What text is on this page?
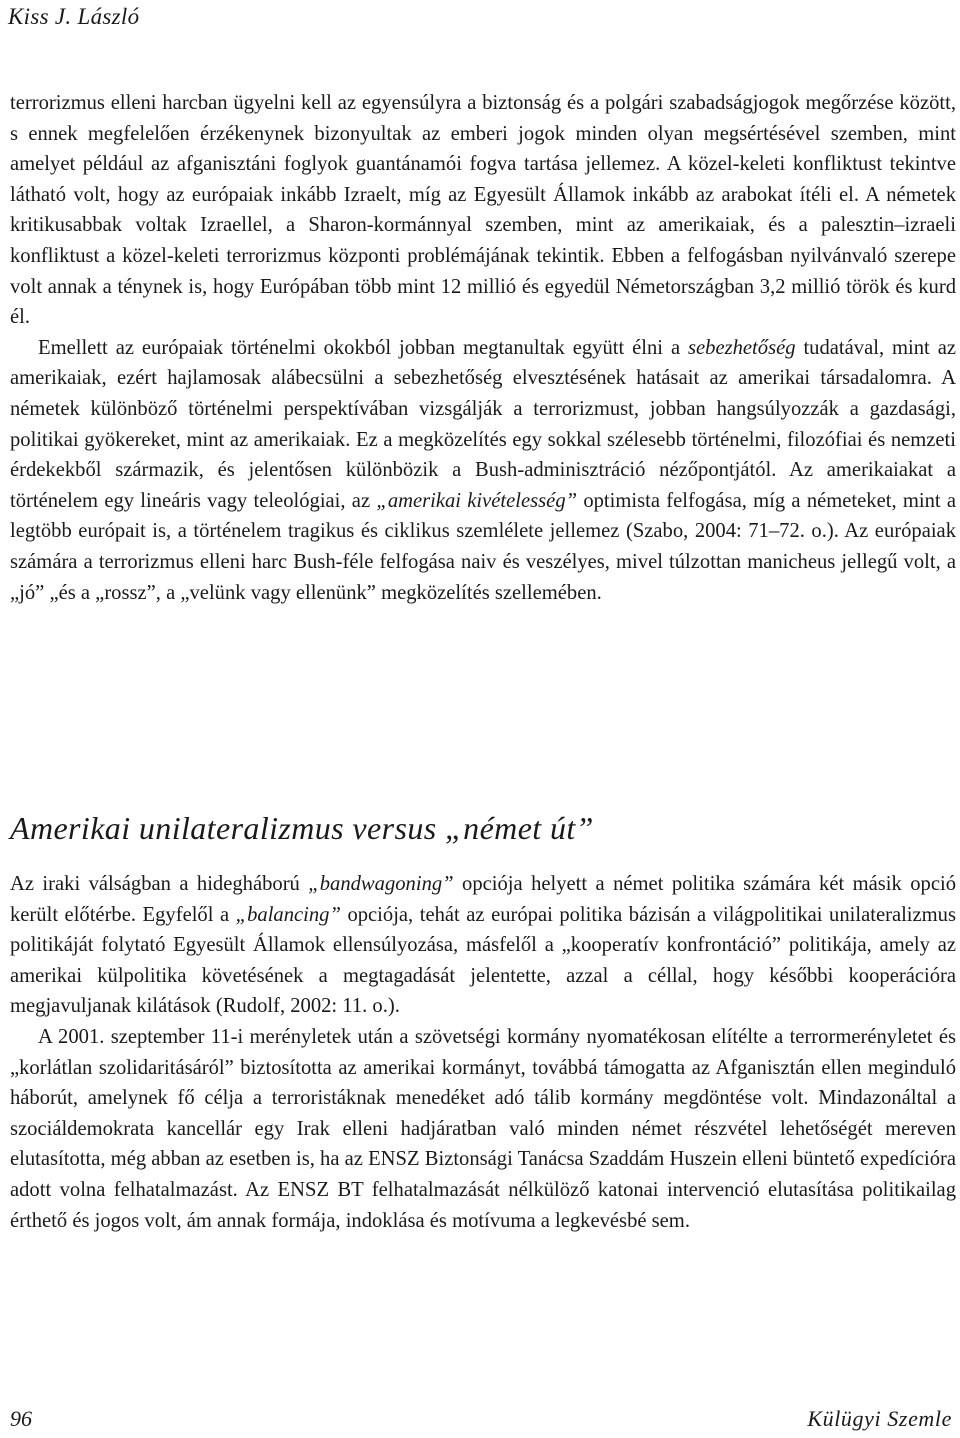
Kiss J. László

terrorizmus elleni harcban ügyelni kell az egyensúlyra a biztonság és a polgári szabadságjogok megőrzése között, s ennek megfelelően érzékenynek bizonyultak az emberi jogok minden olyan megsértésével szemben, mint amelyet például az afganisztáni foglyok guantánamói fogva tartása jellemez. A közel-keleti konfliktust tekintve látható volt, hogy az európaiak inkább Izraelt, míg az Egyesült Államok inkább az arabokat ítéli el. A németek kritikusabbak voltak Izraellel, a Sharon-kormánnyal szemben, mint az amerikaiak, és a palesztin–izraeli konfliktust a közel-keleti terrorizmus központi problémájának tekintik. Ebben a felfogásban nyilvánvaló szerepe volt annak a ténynek is, hogy Európában több mint 12 millió és egyedül Németországban 3,2 millió török és kurd él.

Emellett az európaiak történelmi okokból jobban megtanultak együtt élni a sebezhetőség tudatával, mint az amerikaiak, ezért hajlamosak alábecsülni a sebezhetőség elvesztésének hatásait az amerikai társadalomra. A németek különböző történelmi perspektívában vizsgálják a terrorizmust, jobban hangsúlyozzák a gazdasági, politikai gyökereket, mint az amerikaiak. Ez a megközelítés egy sokkal szélesebb történelmi, filozófiai és nemzeti érdekekből származik, és jelentősen különbözik a Bush-adminisztráció nézőpontjától. Az amerikaiakat a történelem egy lineáris vagy teleológiai, az „amerikai kivételesség” optimista felfogása, míg a németeket, mint a legtöbb európait is, a történelem tragikus és ciklikus szemlélete jellemez (Szabo, 2004: 71–72. o.). Az európaiak számára a terrorizmus elleni harc Bush-féle felfogása naiv és veszélyes, mivel túlzottan manicheus jellegű volt, a „jó” „és a „rossz”, a „velünk vagy ellenünk” megközelítés szellemében.

Amerikai unilateralizmus versus „német út”

Az iraki válságban a hidegháború „bandwagoning” opciója helyett a német politika számára két másik opció került előtérbe. Egyfelől a „balancing” opciója, tehát az európai politika bázisán a világpolitikai unilateralizmus politikáját folytató Egyesült Államok ellensúlyozása, másfelől a „kooperatív konfrontáció” politikája, amely az amerikai külpolitika követésének a megtagadását jelentette, azzal a céllal, hogy későbbi kooperációra megjavuljanak kilátások (Rudolf, 2002: 11. o.).

A 2001. szeptember 11-i merényletek után a szövetségi kormány nyomatékosan elítélte a terrormerényletet és „korlátlan szolidaritásáról” biztosította az amerikai kormányt, továbbá támogatta az Afganisztán ellen meginduló háborút, amelynek fő célja a terroristáknak menedéket adó tálib kormány megdöntése volt. Mindazonáltal a szociáldemokrata kancellár egy Irak elleni hadjáratban való minden német részvétel lehetőségét mereven elutasította, még abban az esetben is, ha az ENSZ Biztonsági Tanácsa Szaddám Huszein elleni büntető expedícióra adott volna felhatalmazást. Az ENSZ BT felhatalmazását nélkülöző katonai intervenció elutasítása politikailag érthető és jogos volt, ám annak formája, indoklása és motívuma a legkevésbé sem.

96	Külügyi Szemle
